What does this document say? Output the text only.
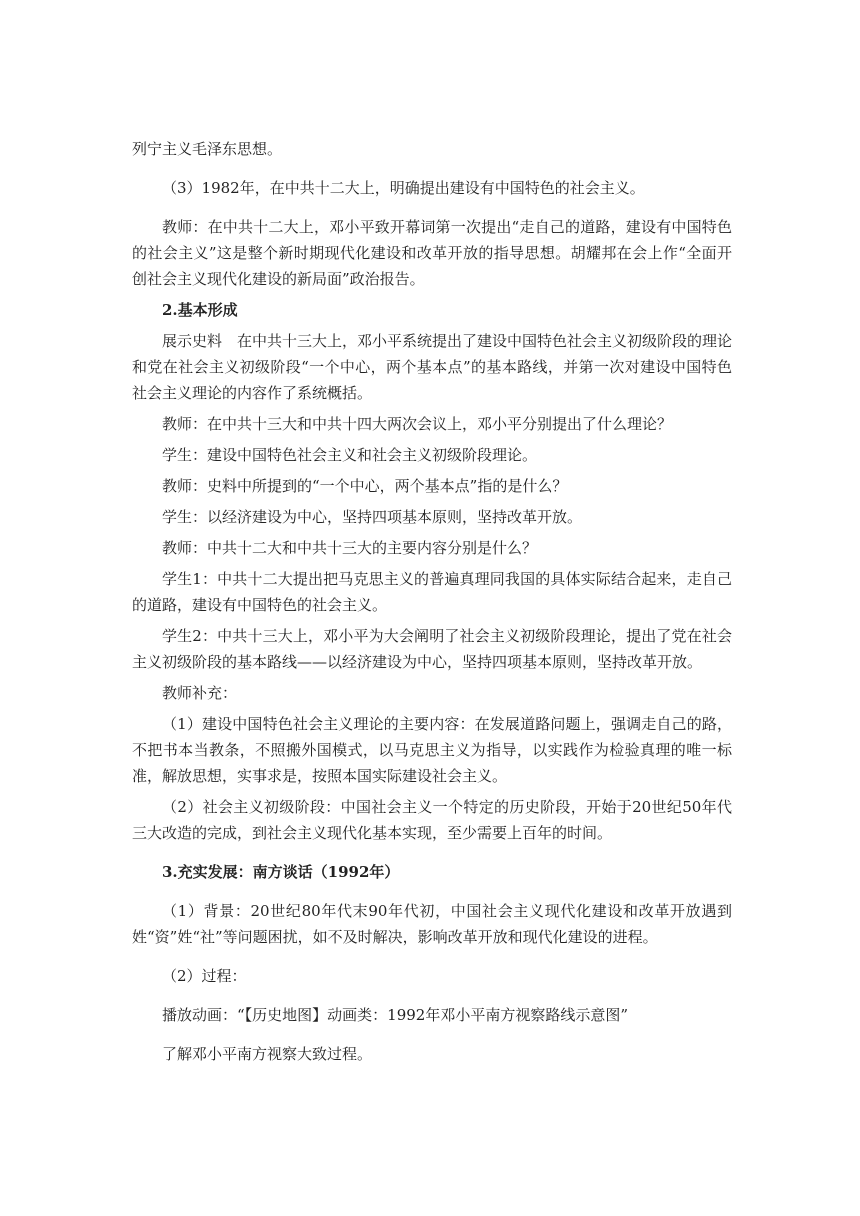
列宁主义毛泽东思想。

（3）1982年，在中共十二大上，明确提出建设有中国特色的社会主义。

教师：在中共十二大上，邓小平致开幕词第一次提出“走自己的道路，建设有中国特色的社会主义”这是整个新时期现代化建设和改革开放的指导思想。胡耀邦在会上作“全面开创社会主义现代化建设的新局面”政治报告。

2.基本形成

展示史料　在中共十三大上，邓小平系统提出了建设中国特色社会主义初级阶段的理论和党在社会主义初级阶段“一个中心，两个基本点”的基本路线，并第一次对建设中国特色社会主义理论的内容作了系统概括。

教师：在中共十三大和中共十四大两次会议上，邓小平分别提出了什么理论？

学生：建设中国特色社会主义和社会主义初级阶段理论。

教师：史料中所提到的“一个中心，两个基本点”指的是什么？

学生：以经济建设为中心，坚持四项基本原则，坚持改革开放。

教师：中共十二大和中共十三大的主要内容分别是什么？

学生1：中共十二大提出把马克思主义的普遍真理同我国的具体实际结合起来，走自己的道路，建设有中国特色的社会主义。

学生2：中共十三大上，邓小平为大会阐明了社会主义初级阶段理论，提出了党在社会主义初级阶段的基本路线——以经济建设为中心，坚持四项基本原则，坚持改革开放。

教师补充：

（1）建设中国特色社会主义理论的主要内容：在发展道路问题上，强调走自己的路，不把书本当教条，不照搬外国模式，以马克思主义为指导，以实践作为检验真理的唯一标准，解放思想，实事求是，按照本国实际建设社会主义。

（2）社会主义初级阶段：中国社会主义一个特定的历史阶段，开始于20世纪50年代三大改造的完成，到社会主义现代化基本实现，至少需要上百年的时间。

3.充实发展：南方谈话（1992年）

（1）背景：20世纪80年代末90年代初，中国社会主义现代化建设和改革开放遇到姓“资”姓“社”等问题困扰，如不及时解决，影响改革开放和现代化建设的进程。

（2）过程：

播放动画：“【历史地图】动画类：1992年邓小平南方视察路线示意图”

了解邓小平南方视察大致过程。
